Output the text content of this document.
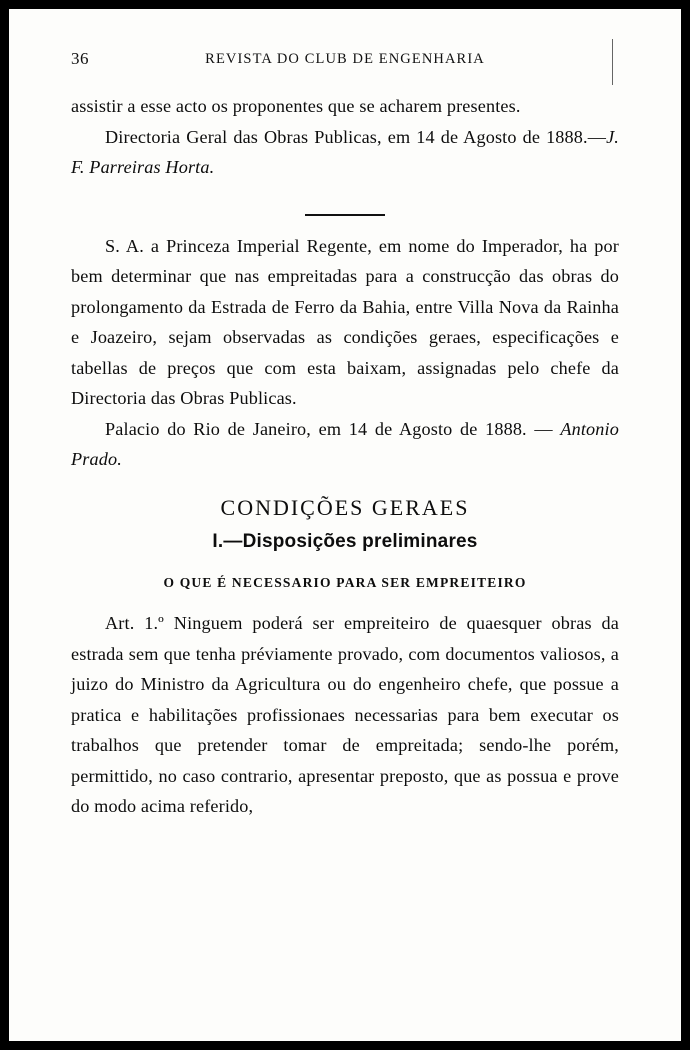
36	REVISTA DO CLUB DE ENGENHARIA

assistir a esse acto os proponentes que se acharem presentes.

Directoria Geral das Obras Publicas, em 14 de Agosto de 1888.—J. F. Parreiras Horta.

S. A. a Princeza Imperial Regente, em nome do Imperador, ha por bem determinar que nas empreitadas para a construcção das obras do prolongamento da Estrada de Ferro da Bahia, entre Villa Nova da Rainha e Joazeiro, sejam observadas as condições geraes, especificações e tabellas de preços que com esta baixam, assignadas pelo chefe da Directoria das Obras Publicas.

Palacio do Rio de Janeiro, em 14 de Agosto de 1888. — Antonio Prado.

CONDIÇÕES GERAES
I.—Disposições preliminares
O QUE É NECESSARIO PARA SER EMPREITEIRO

Art. 1.º Ninguem poderá ser empreiteiro de quaesquer obras da estrada sem que tenha préviamente provado, com documentos valiosos, a juizo do Ministro da Agricultura ou do engenheiro chefe, que possue a pratica e habilitações profissionaes necessarias para bem executar os trabalhos que pretender tomar de empreitada; sendo-lhe porém, permittido, no caso contrario, apresentar preposto, que as possua e prove do modo acima referido,
